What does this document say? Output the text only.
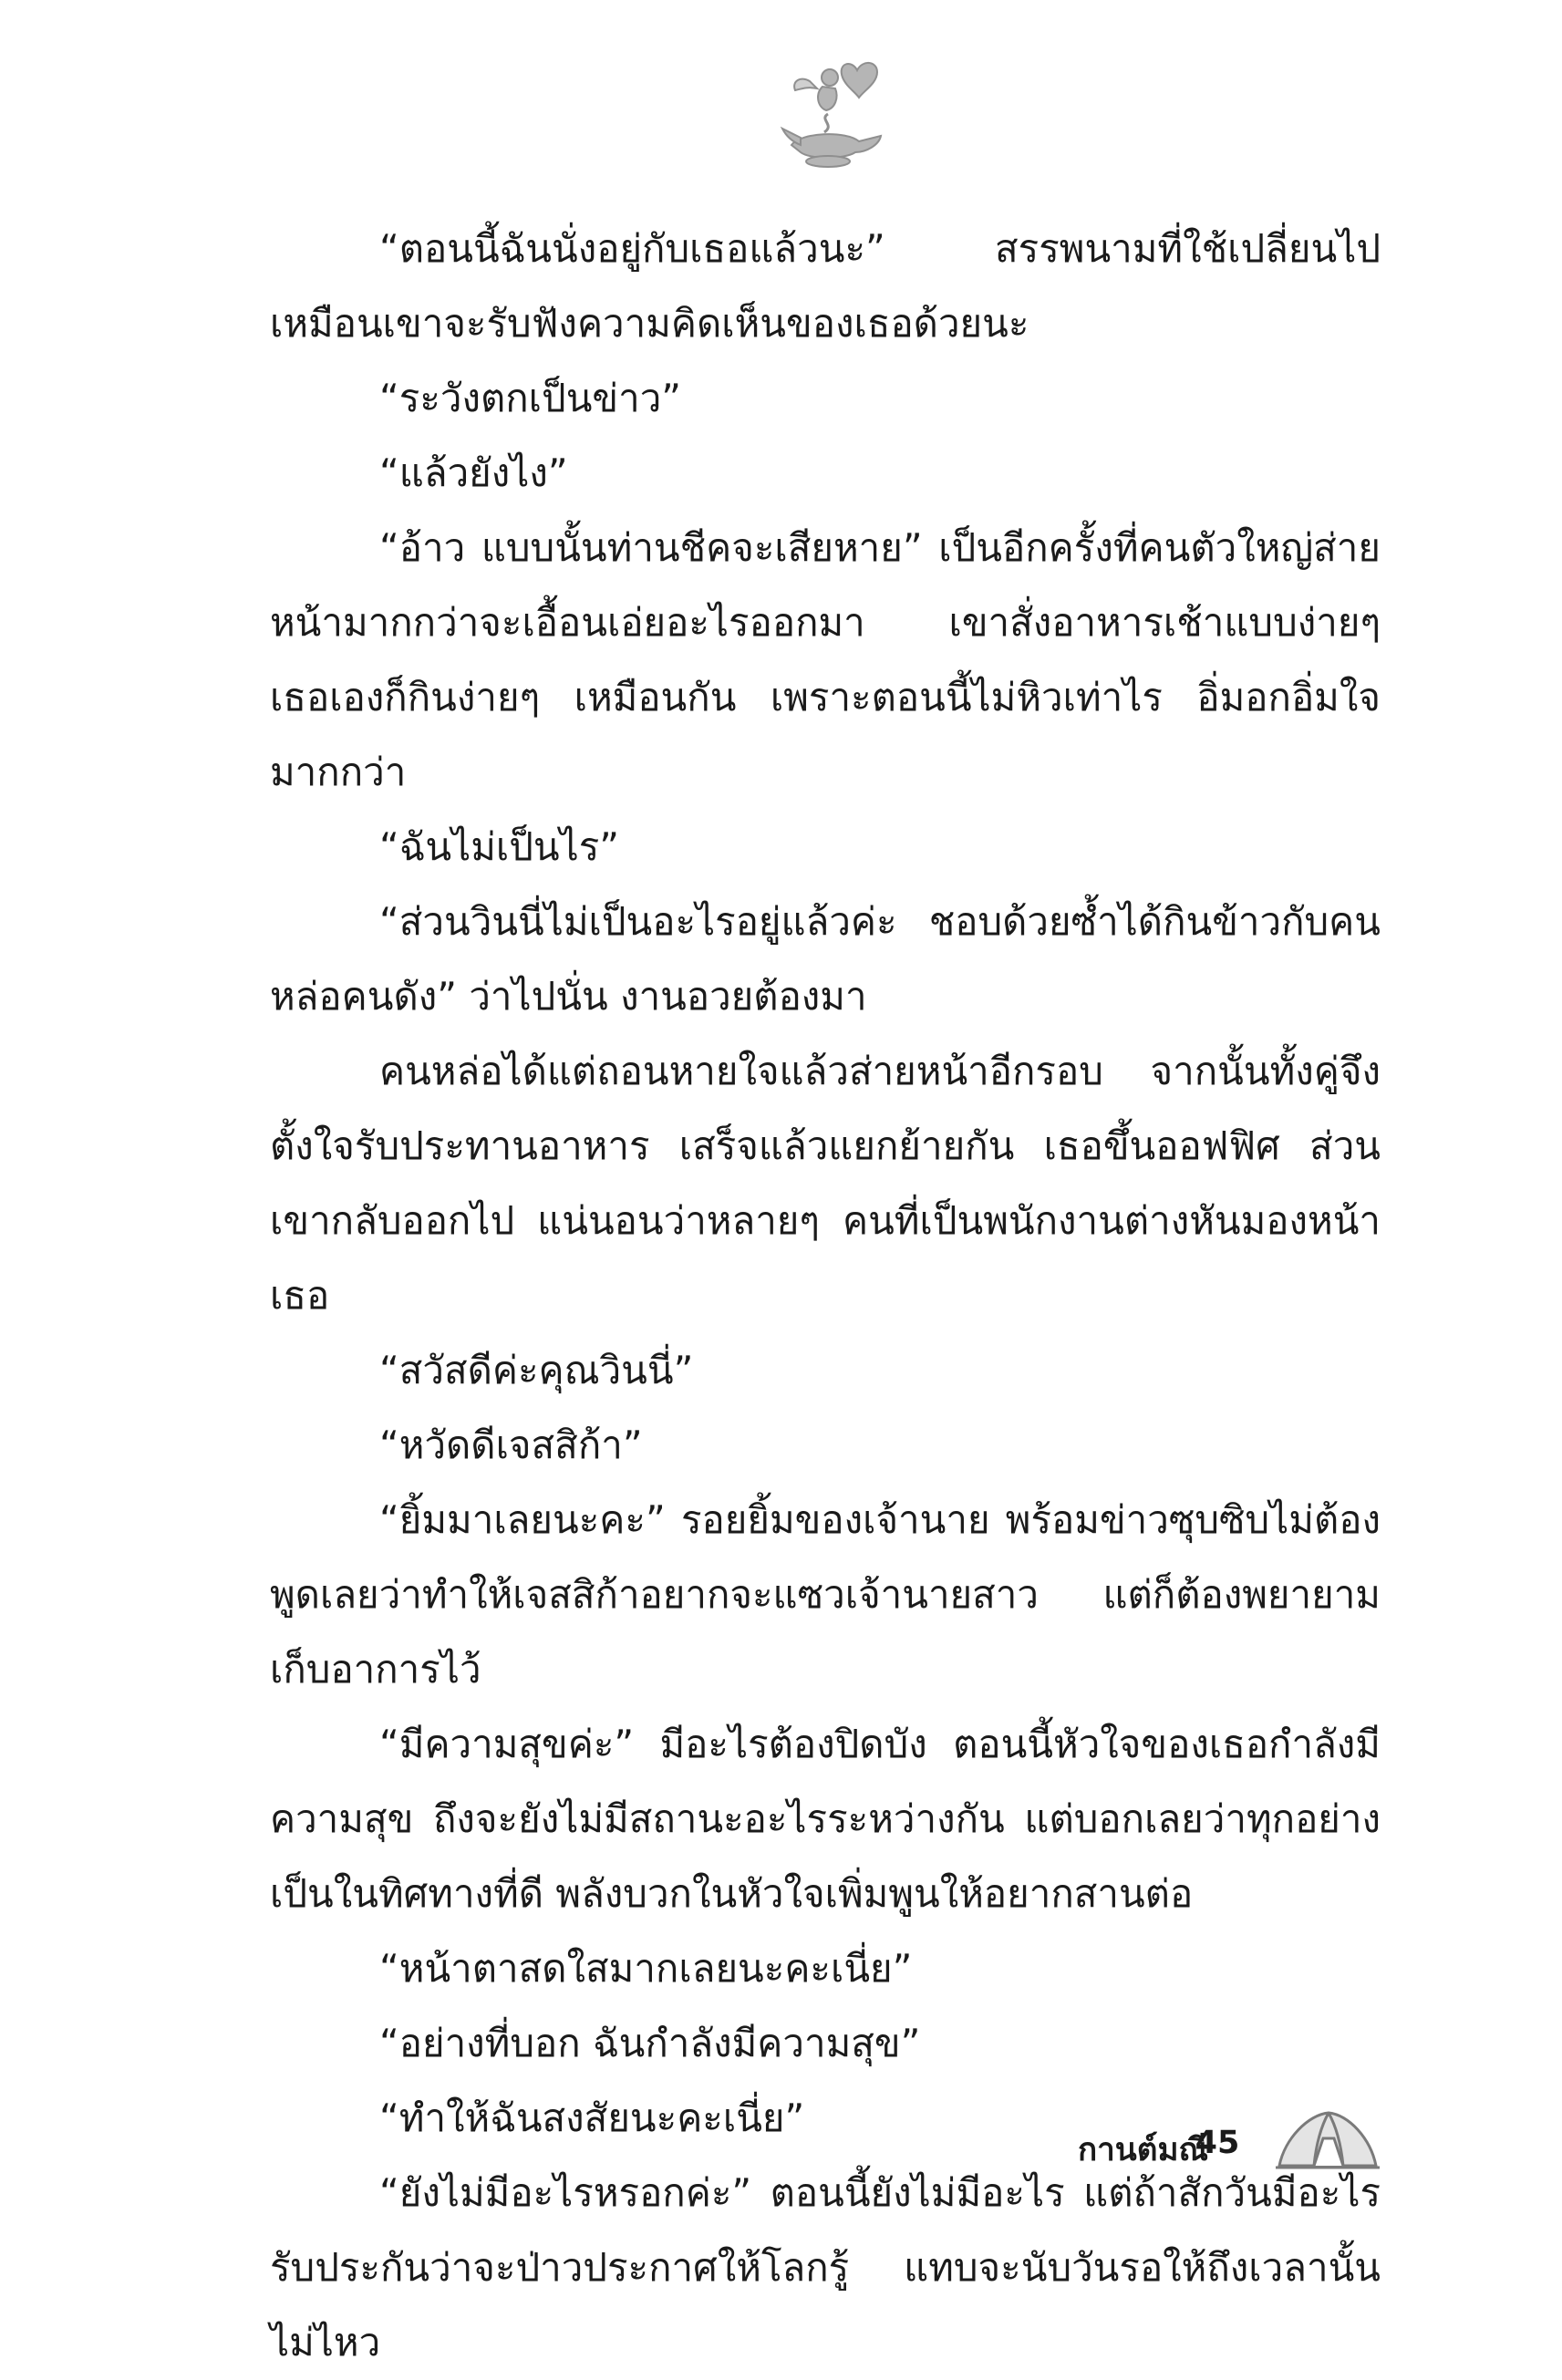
“ตอนนี้ฉันนั่งอยู่กับเธอแล้วนะ” สรรพนามที่ใช้เปลี่ยนไป เหมือนเขาจะรับฟังความคิดเห็นของเธอด้วยนะ

“ระวังตกเป็นข่าว”

“แล้วยังไง”

“อ้าว แบบนั้นท่านชีคจะเสียหาย” เป็นอีกครั้งที่คนตัวใหญ่ส่ายหน้ามากกว่าจะเอื้อนเอ่ยอะไรออกมา เขาสั่งอาหารเช้าแบบง่ายๆ เธอเองก็กินง่ายๆ เหมือนกัน เพราะตอนนี้ไม่หิวเท่าไร อิ่มอกอิ่มใจมากกว่า

“ฉันไม่เป็นไร”

“ส่วนวินนี่ไม่เป็นอะไรอยู่แล้วค่ะ ชอบด้วยซ้ำได้กินข้าวกับคนหล่อคนดัง” ว่าไปนั่น งานอวยต้องมา

คนหล่อได้แต่ถอนหายใจแล้วส่ายหน้าอีกรอบ จากนั้นทั้งคู่จึงตั้งใจรับประทานอาหาร เสร็จแล้วแยกย้ายกัน เธอขึ้นออฟฟิศ ส่วนเขากลับออกไป แน่นอนว่าหลายๆ คนที่เป็นพนักงานต่างหันมองหน้าเธอ

“สวัสดีค่ะคุณวินนี่”

“หวัดดีเจสสิก้า”

“ยิ้มมาเลยนะคะ” รอยยิ้มของเจ้านาย พร้อมข่าวซุบซิบไม่ต้องพูดเลยว่าทำให้เจสสิก้าอยากจะแซวเจ้านายสาว แต่ก็ต้องพยายามเก็บอาการไว้

“มีความสุขค่ะ” มีอะไรต้องปิดบัง ตอนนี้หัวใจของเธอกำลังมีความสุข ถึงจะยังไม่มีสถานะอะไรระหว่างกัน แต่บอกเลยว่าทุกอย่างเป็นในทิศทางที่ดี พลังบวกในหัวใจเพิ่มพูนให้อยากสานต่อ

“หน้าตาสดใสมากเลยนะคะเนี่ย”

“อย่างที่บอก ฉันกำลังมีความสุข”

“ทำให้ฉันสงสัยนะคะเนี่ย”

“ยังไม่มีอะไรหรอกค่ะ” ตอนนี้ยังไม่มีอะไร แต่ถ้าสักวันมีอะไรรับประกันว่าจะป่าวประกาศให้โลกรู้ แทบจะนับวันรอให้ถึงเวลานั้นไม่ไหว

กานต์มณี
45
